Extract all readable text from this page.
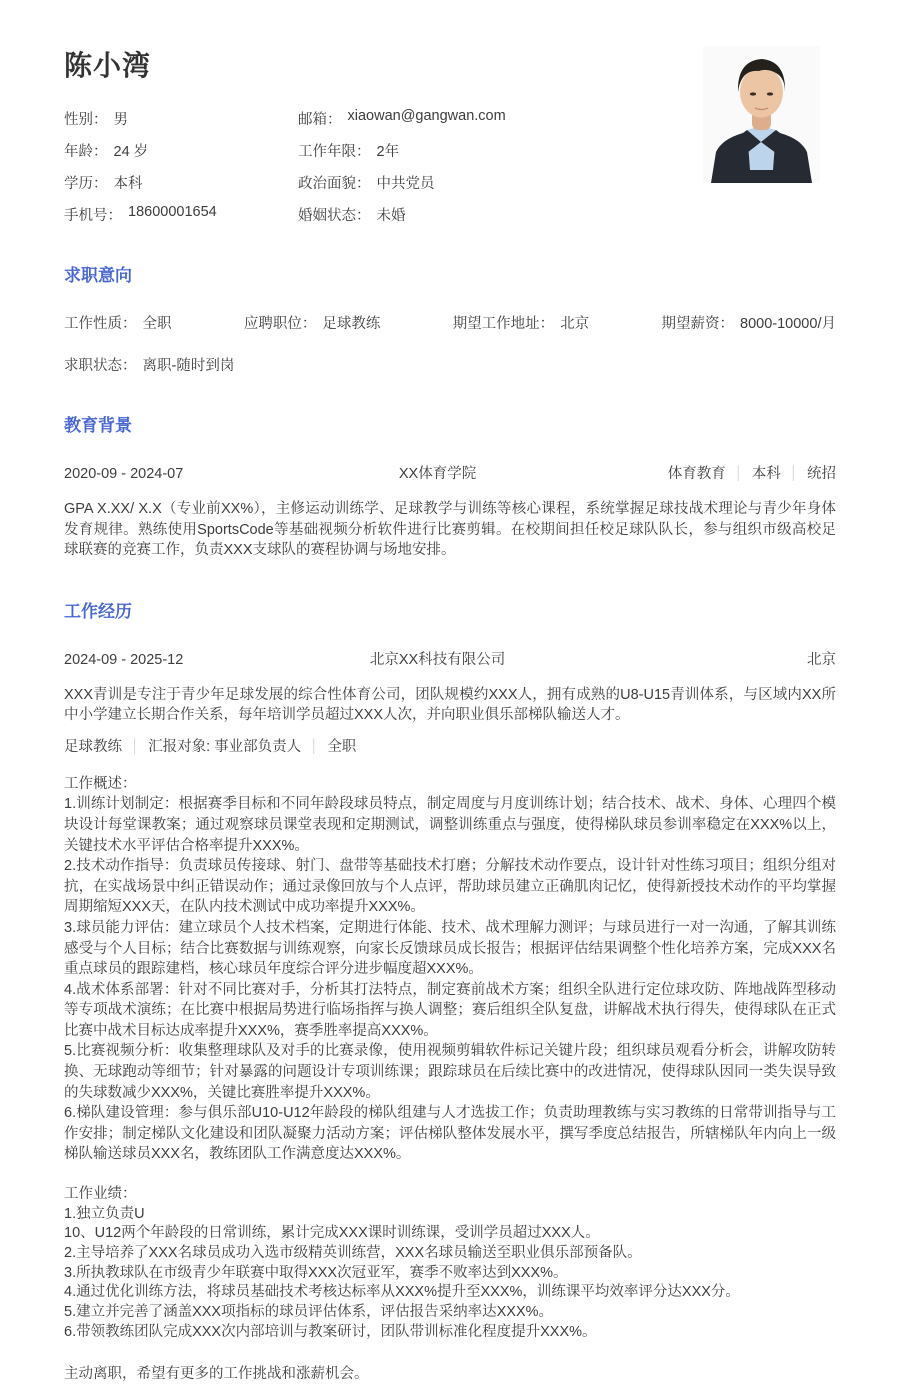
陈小湾
性别： 男	邮箱： xiaowan@gangwan.com
年龄： 24 岁	工作年限： 2年
学历： 本科	政治面貌： 中共党员
手机号： 18600001654	婚姻状态： 未婚
求职意向
工作性质： 全职	应聘职位： 足球教练	期望工作地址： 北京	期望薪资： 8000-10000/月
求职状态： 离职-随时到岗
教育背景
2020-09 - 2024-07	XX体育学院	体育教育 │ 本科 │ 统招

GPA X.XX/ X.X（专业前XX%），主修运动训练学、足球教学与训练等核心课程，系统掌握足球技战术理论与青少年身体发育规律。熟练使用SportsCode等基础视频分析软件进行比赛剪辑。在校期间担任校足球队队长，参与组织市级高校足球联赛的竞赛工作，负责XXX支球队的赛程协调与场地安排。

工作经历
2024-09 - 2025-12	北京XX科技有限公司	北京

XXX青训是专注于青少年足球发展的综合性体育公司，团队规模约XXX人，拥有成熟的U8-U15青训体系，与区域内XX所中小学建立长期合作关系，每年培训学员超过XXX人次，并向职业俱乐部梯队输送人才。

足球教练 │ 汇报对象: 事业部负责人 │ 全职

工作概述：

1.训练计划制定：根据赛季目标和不同年龄段球员特点，制定周度与月度训练计划；结合技术、战术、身体、心理四个模块设计每堂课教案；通过观察球员课堂表现和定期测试，调整训练重点与强度，使得梯队球员参训率稳定在XXX%以上，关键技术水平评估合格率提升XXX%。

2.技术动作指导：负责球员传接球、射门、盘带等基础技术打磨；分解技术动作要点，设计针对性练习项目；组织分组对抗，在实战场景中纠正错误动作；通过录像回放与个人点评，帮助球员建立正确肌肉记忆，使得新授技术动作的平均掌握周期缩短XXX天，在队内技术测试中成功率提升XXX%。

3.球员能力评估：建立球员个人技术档案，定期进行体能、技术、战术理解力测评；与球员进行一对一沟通，了解其训练感受与个人目标；结合比赛数据与训练观察，向家长反馈球员成长报告；根据评估结果调整个性化培养方案，完成XXX名重点球员的跟踪建档，核心球员年度综合评分进步幅度超XXX%。

4.战术体系部署：针对不同比赛对手，分析其打法特点，制定赛前战术方案；组织全队进行定位球攻防、阵地战阵型移动等专项战术演练；在比赛中根据局势进行临场指挥与换人调整；赛后组织全队复盘，讲解战术执行得失，使得球队在正式比赛中战术目标达成率提升XXX%，赛季胜率提高XXX%。

5.比赛视频分析：收集整理球队及对手的比赛录像，使用视频剪辑软件标记关键片段；组织球员观看分析会，讲解攻防转换、无球跑动等细节；针对暴露的问题设计专项训练课；跟踪球员在后续比赛中的改进情况，使得球队因同一类失误导致的失球数减少XXX%，关键比赛胜率提升XXX%。

6.梯队建设管理：参与俱乐部U10-U12年龄段的梯队组建与人才选拔工作；负责助理教练与实习教练的日常带训指导与工作安排；制定梯队文化建设和团队凝聚力活动方案；评估梯队整体发展水平，撰写季度总结报告，所辖梯队年内向上一级梯队输送球员XXX名，教练团队工作满意度达XXX%。

工作业绩：
1.独立负责U
10、U12两个年龄段的日常训练，累计完成XXX课时训练课，受训学员超过XXX人。
2.主导培养了XXX名球员成功入选市级精英训练营，XXX名球员输送至职业俱乐部预备队。
3.所执教球队在市级青少年联赛中取得XXX次冠亚军，赛季不败率达到XXX%。
4.通过优化训练方法，将球员基础技术考核达标率从XXX%提升至XXX%，训练课平均效率评分达XXX分。
5.建立并完善了涵盖XXX项指标的球员评估体系，评估报告采纳率达XXX%。
6.带领教练团队完成XXX次内部培训与教案研讨，团队带训标准化程度提升XXX%。
主动离职，希望有更多的工作挑战和涨薪机会。
